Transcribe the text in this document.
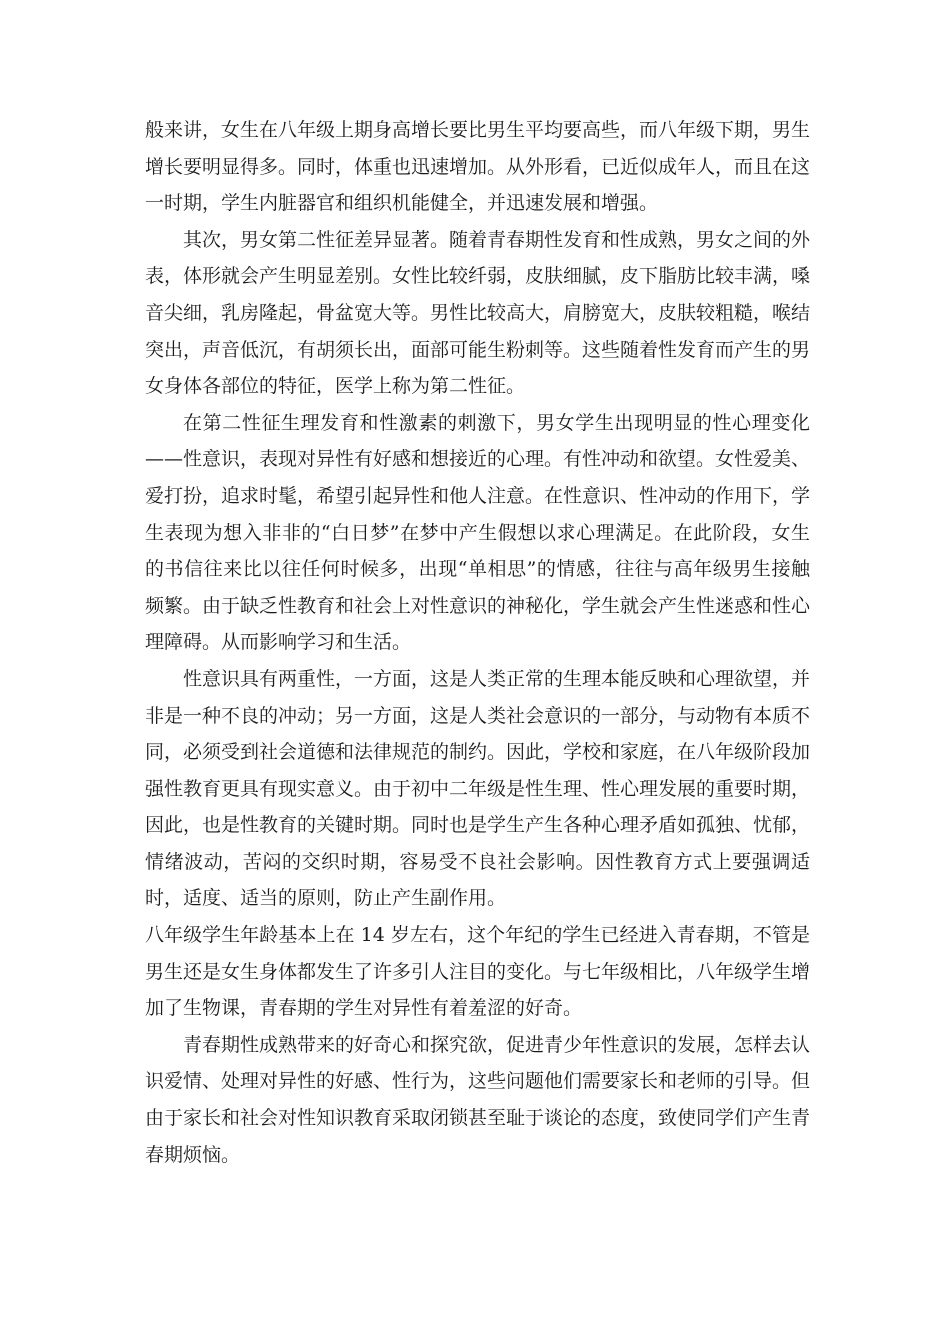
般来讲，女生在八年级上期身高增长要比男生平均要高些，而八年级下期，男生增长要明显得多。同时，体重也迅速增加。从外形看，已近似成年人，而且在这一时期，学生内脏器官和组织机能健全，并迅速发展和增强。

其次，男女第二性征差异显著。随着青春期性发育和性成熟，男女之间的外表，体形就会产生明显差别。女性比较纤弱，皮肤细腻，皮下脂肪比较丰满，嗓音尖细，乳房隆起，骨盆宽大等。男性比较高大，肩膀宽大，皮肤较粗糙，喉结突出，声音低沉，有胡须长出，面部可能生粉刺等。这些随着性发育而产生的男女身体各部位的特征，医学上称为第二性征。

在第二性征生理发育和性激素的刺激下，男女学生出现明显的性心理变化——性意识，表现对异性有好感和想接近的心理。有性冲动和欲望。女性爱美、爱打扮，追求时髦，希望引起异性和他人注意。在性意识、性冲动的作用下，学生表现为想入非非的“白日梦”在梦中产生假想以求心理满足。在此阶段，女生的书信往来比以往任何时候多，出现“单相思”的情感，往往与高年级男生接触频繁。由于缺乏性教育和社会上对性意识的神秘化，学生就会产生性迷惑和性心理障碍。从而影响学习和生活。

性意识具有两重性，一方面，这是人类正常的生理本能反映和心理欲望，并非是一种不良的冲动；另一方面，这是人类社会意识的一部分，与动物有本质不同，必须受到社会道德和法律规范的制约。因此，学校和家庭，在八年级阶段加强性教育更具有现实意义。由于初中二年级是性生理、性心理发展的重要时期，因此，也是性教育的关键时期。同时也是学生产生各种心理矛盾如孤独、忧郁，情绪波动，苦闷的交织时期，容易受不良社会影响。因性教育方式上要强调适时，适度、适当的原则，防止产生副作用。

八年级学生年龄基本上在 14 岁左右，这个年纪的学生已经进入青春期，不管是男生还是女生身体都发生了许多引人注目的变化。与七年级相比，八年级学生增加了生物课，青春期的学生对异性有着羞涩的好奇。

青春期性成熟带来的好奇心和探究欲，促进青少年性意识的发展，怎样去认识爱情、处理对异性的好感、性行为，这些问题他们需要家长和老师的引导。但由于家长和社会对性知识教育采取闭锁甚至耻于谈论的态度，致使同学们产生青春期烦恼。
